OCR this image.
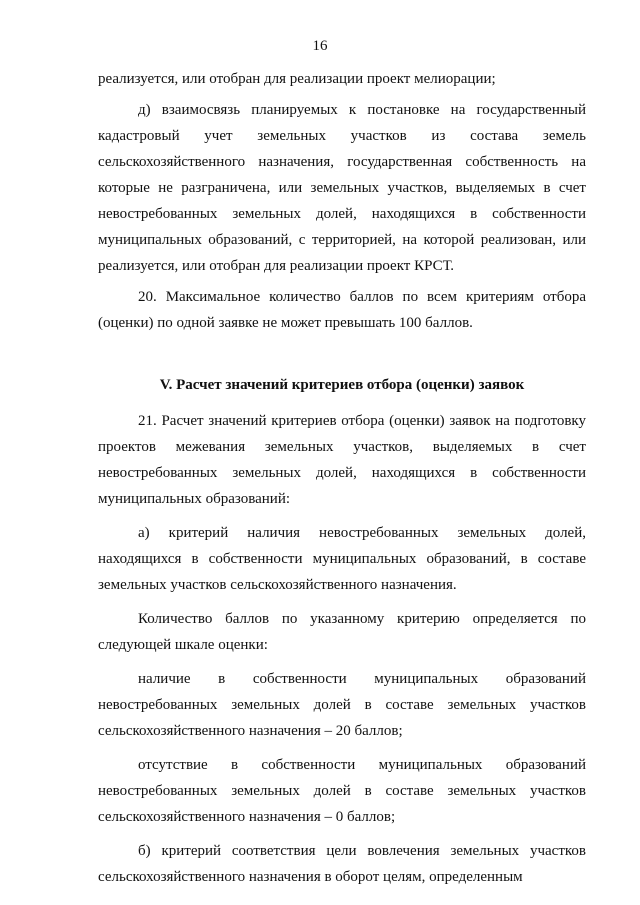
16

реализуется, или отобран для реализации проект мелиорации;

д) взаимосвязь планируемых к постановке на государственный кадастровый учет земельных участков из состава земель сельскохозяйственного назначения, государственная собственность на которые не разграничена, или земельных участков, выделяемых в счет невостребованных земельных долей, находящихся в собственности муниципальных образований, с территорией, на которой реализован, или реализуется, или отобран для реализации проект КРСТ.

20. Максимальное количество баллов по всем критериям отбора (оценки) по одной заявке не может превышать 100 баллов.

V. Расчет значений критериев отбора (оценки) заявок

21. Расчет значений критериев отбора (оценки) заявок на подготовку проектов межевания земельных участков, выделяемых в счет невостребованных земельных долей, находящихся в собственности муниципальных образований:

а) критерий наличия невостребованных земельных долей, находящихся в собственности муниципальных образований, в составе земельных участков сельскохозяйственного назначения.

Количество баллов по указанному критерию определяется по следующей шкале оценки:

наличие в собственности муниципальных образований невостребованных земельных долей в составе земельных участков сельскохозяйственного назначения – 20 баллов;

отсутствие в собственности муниципальных образований невостребованных земельных долей в составе земельных участков сельскохозяйственного назначения – 0 баллов;

б) критерий соответствия цели вовлечения земельных участков сельскохозяйственного назначения в оборот целям, определенным
